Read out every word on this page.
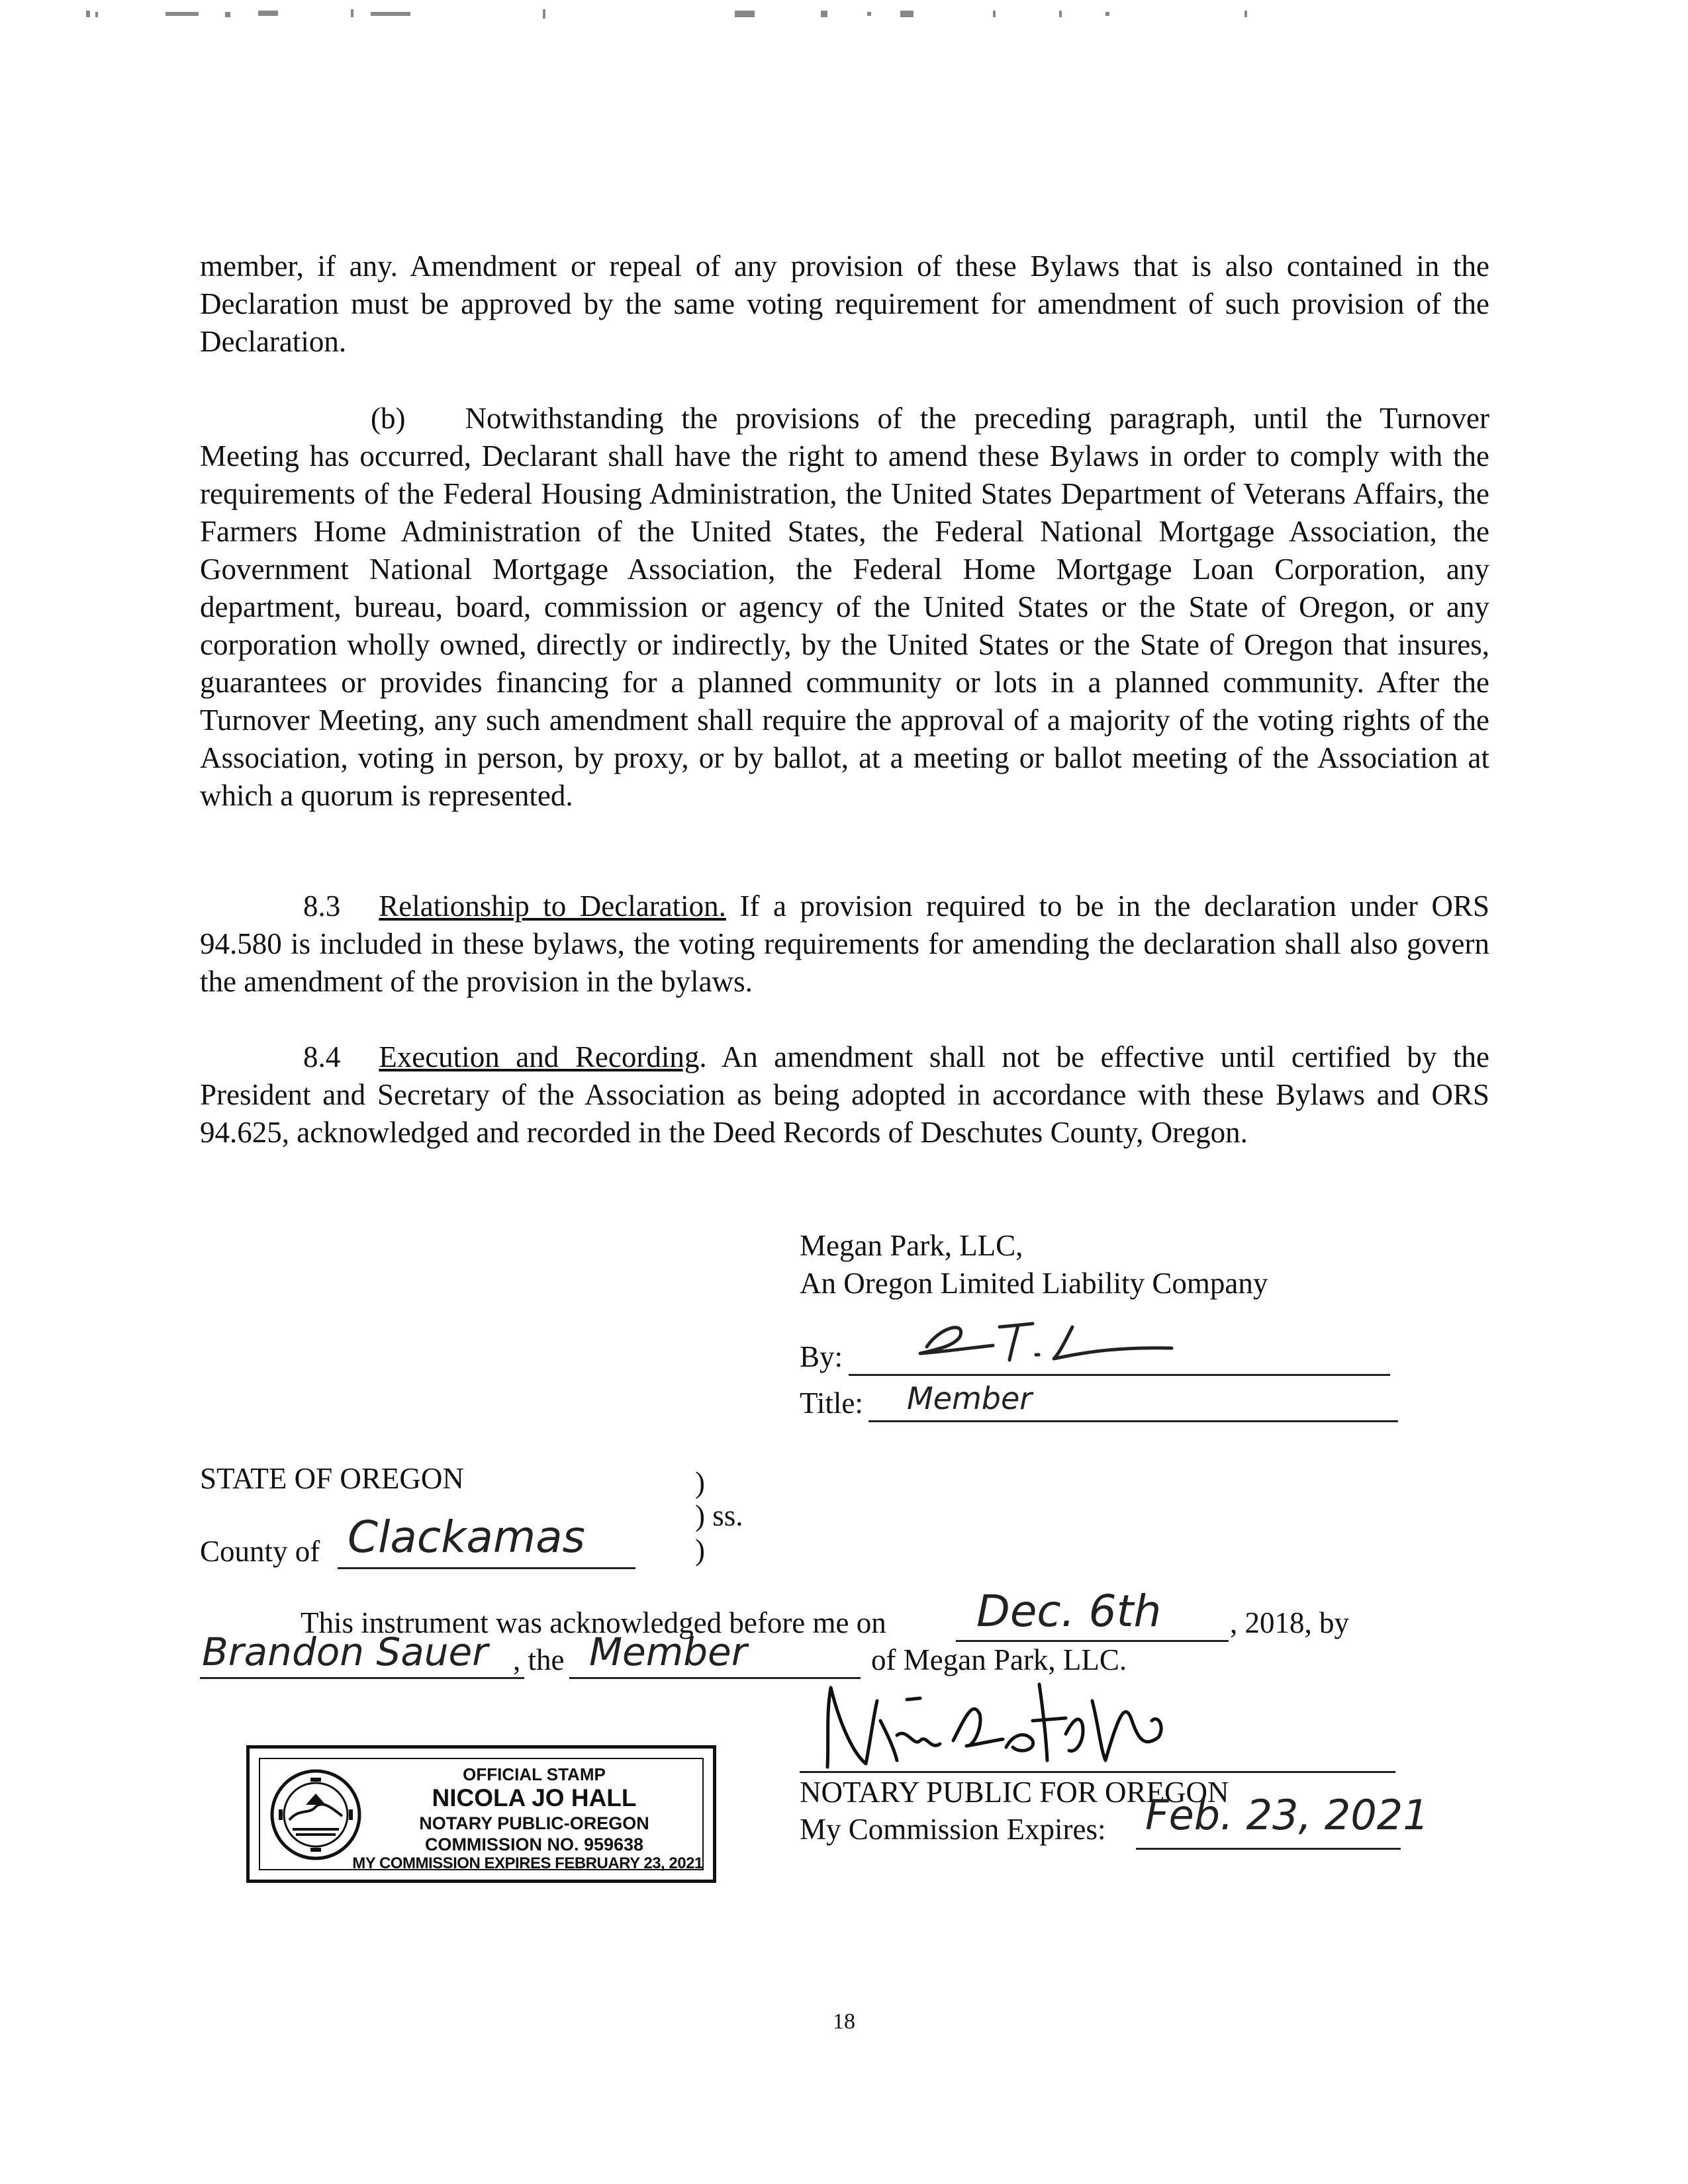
member, if any. Amendment or repeal of any provision of these Bylaws that is also contained in the Declaration must be approved by the same voting requirement for amendment of such provision of the Declaration.
(b)  Notwithstanding the provisions of the preceding paragraph, until the Turnover Meeting has occurred, Declarant shall have the right to amend these Bylaws in order to comply with the requirements of the Federal Housing Administration, the United States Department of Veterans Affairs, the Farmers Home Administration of the United States, the Federal National Mortgage Association, the Government National Mortgage Association, the Federal Home Mortgage Loan Corporation, any department, bureau, board, commission or agency of the United States or the State of Oregon, or any corporation wholly owned, directly or indirectly, by the United States or the State of Oregon that insures, guarantees or provides financing for a planned community or lots in a planned community. After the Turnover Meeting, any such amendment shall require the approval of a majority of the voting rights of the Association, voting in person, by proxy, or by ballot, at a meeting or ballot meeting of the Association at which a quorum is represented.
8.3 Relationship to Declaration. If a provision required to be in the declaration under ORS 94.580 is included in these bylaws, the voting requirements for amending the declaration shall also govern the amendment of the provision in the bylaws.
8.4 Execution and Recording. An amendment shall not be effective until certified by the President and Secretary of the Association as being adopted in accordance with these Bylaws and ORS 94.625, acknowledged and recorded in the Deed Records of Deschutes County, Oregon.
Megan Park, LLC,
An Oregon Limited Liability Company
By:
Title: Member
STATE OF OREGON	)
) ss.
)
County of Clackamas
This instrument was acknowledged before me on Dec. 6th , 2018, by
Brandon Sauer , the Member	of Megan Park, LLC.
NOTARY PUBLIC FOR OREGON
My Commission Expires: Feb. 23, 2021
OFFICIAL STAMP
NICOLA JO HALL
NOTARY PUBLIC-OREGON
COMMISSION NO. 959638
MY COMMISSION EXPIRES FEBRUARY 23, 2021
18
